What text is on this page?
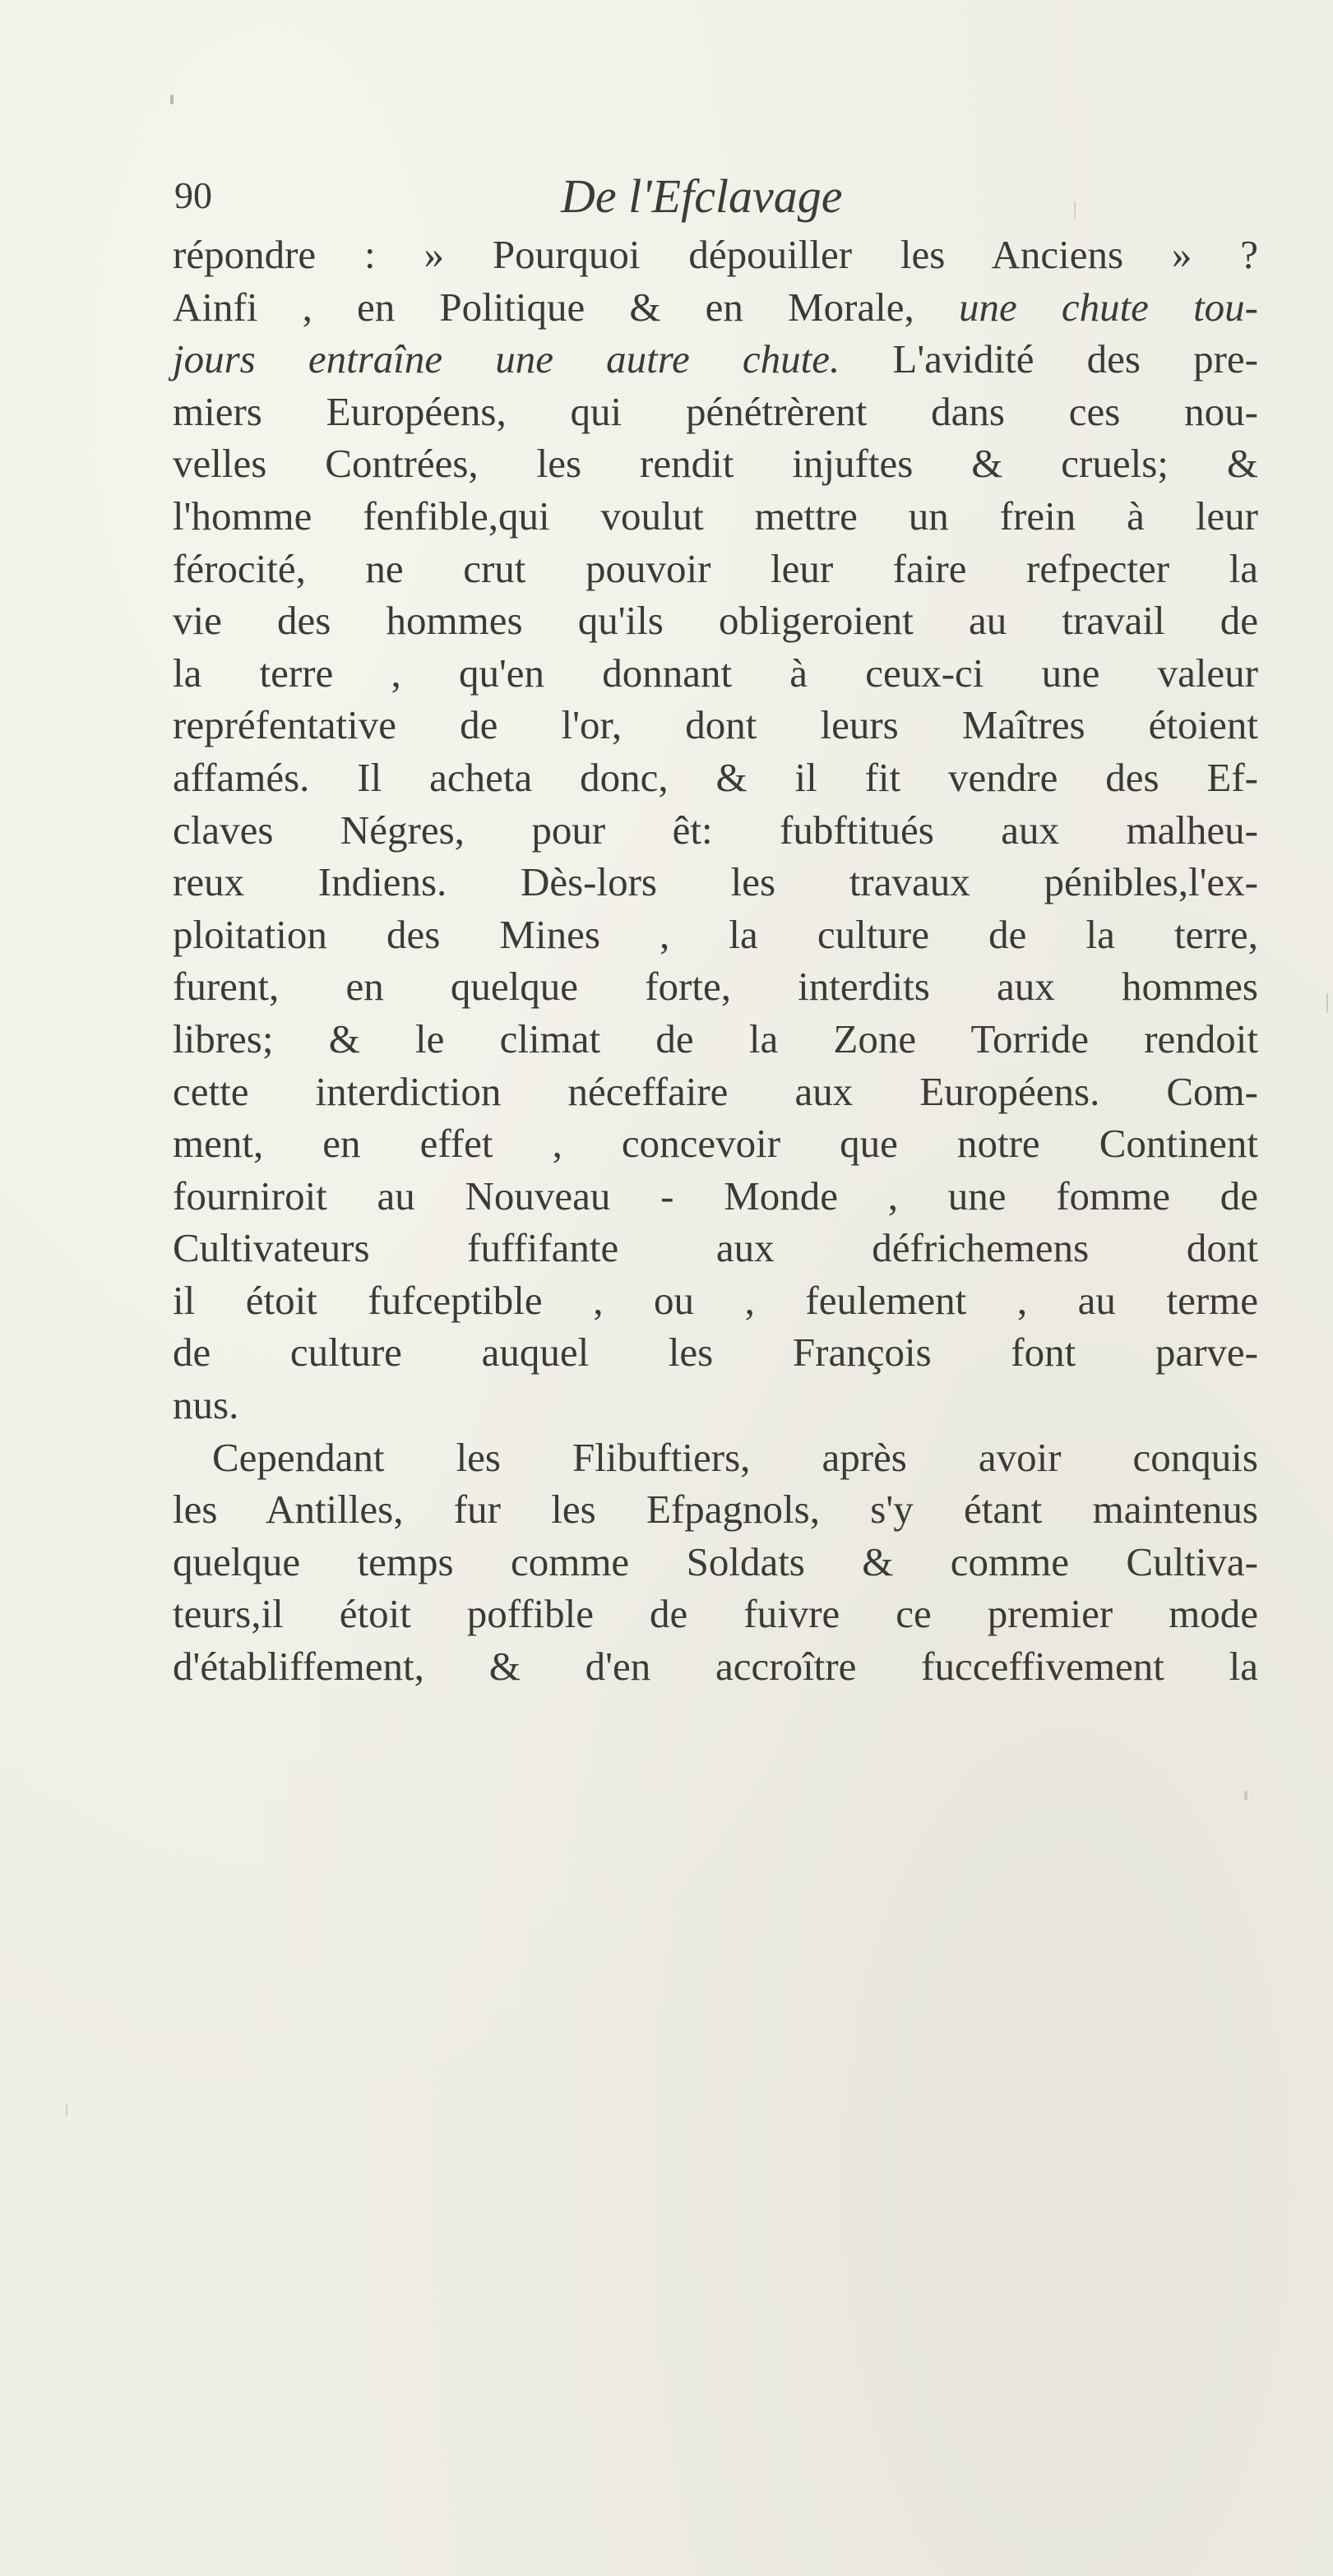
90	De l'Efclavage
répondre : » Pourquoi dépouiller les Anciens » ?
Ainfi , en Politique & en Morale, une chute tou-
jours entraîne une autre chute. L'avidité des pre-
miers Européens, qui pénétrèrent dans ces nou-
velles Contrées, les rendit injuftes & cruels; &
l'homme fenfible,qui voulut mettre un frein à leur
férocité, ne crut pouvoir leur faire refpecter la
vie des hommes qu'ils obligeroient au travail de
la terre , qu'en donnant à ceux-ci une valeur
repréfentative de l'or, dont leurs Maîtres étoient
affamés. Il acheta donc, & il fit vendre des Ef-
claves Négres, pour êt: fubftitués aux malheu-
reux Indiens. Dès-lors les travaux pénibles,l'ex-
ploitation des Mines , la culture de la terre,
furent, en quelque forte, interdits aux hommes
libres; & le climat de la Zone Torride rendoit
cette interdiction néceffaire aux Européens. Com-
ment, en effet , concevoir que notre Continent
fourniroit au Nouveau - Monde , une fomme de
Cultivateurs fuffifante aux défrichemens dont
il étoit fufceptible , ou , feulement , au terme
de culture auquel les François font parve-
nus.
Cependant les Flibuftiers, après avoir conquis
les Antilles, fur les Efpagnols, s'y étant maintenus
quelque temps comme Soldats & comme Cultiva-
teurs,il étoit poffible de fuivre ce premier mode
d'établiffement, & d'en accroître fucceffivement la
